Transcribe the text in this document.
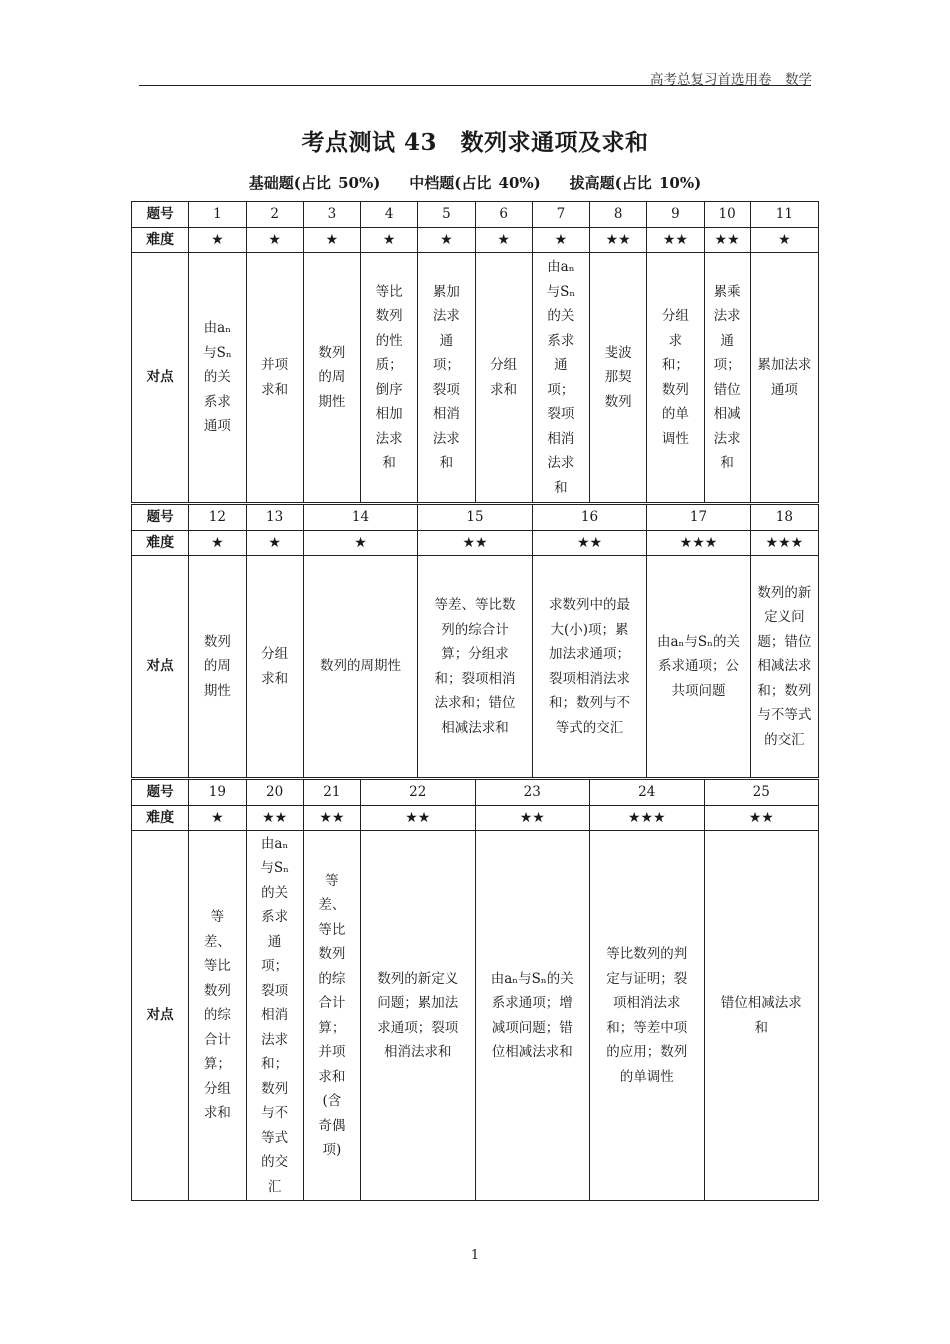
高考总复习首选用卷　数学
考点测试 43　数列求通项及求和
基础题(占比 50%) 中档题(占比 40%) 拔高题(占比 10%)
题号	1	2	3	4	5	6	7	8	9	10	11
难度	★	★	★	★	★	★	★	★★	★★	★★	★
对点	由aₙ与Sₙ的关系求通项	并项求和	数列的周期性	等比数列的性质；倒序相加法求和	累加法求通项；裂项相消法求和	分组求和	由aₙ与Sₙ的关系求通项；裂项相消法求和	斐波那契数列	分组求和；数列的单调性	累乘法求通项；错位相减法求和	累加法求通项
题号	12	13	14		15		16		17		18
难度	★	★	★		★★		★★		★★★		★★★
对点	数列的周期性	分组求和	数列的周期性		等差、等比数列的综合计算；分组求和；裂项相消法求和；错位相减法求和		求数列中的最大(小)项；累加法求通项；裂项相消法求和；数列与不等式的交汇		由aₙ与Sₙ的关系求通项；公共项问题		数列的新定义问题；错位相减法求和；数列与不等式的交汇
题号	19	20	21	22		23		24		25	
难度	★	★★	★★	★★		★★		★★★		★★	
对点	等差、等比数列的综合计算；分组求和	由aₙ与Sₙ的关系求通项；裂项相消法求和；数列与不等式的交汇	等差、等比数列的综合计算；并项求和(含奇偶项)	数列的新定义问题；累加法求通项；裂项相消法求和		由aₙ与Sₙ的关系求通项；增减项问题；错位相减法求和		等比数列的判定与证明；裂项相消法求和；等差中项的应用；数列的单调性		错位相减法求和	
1
